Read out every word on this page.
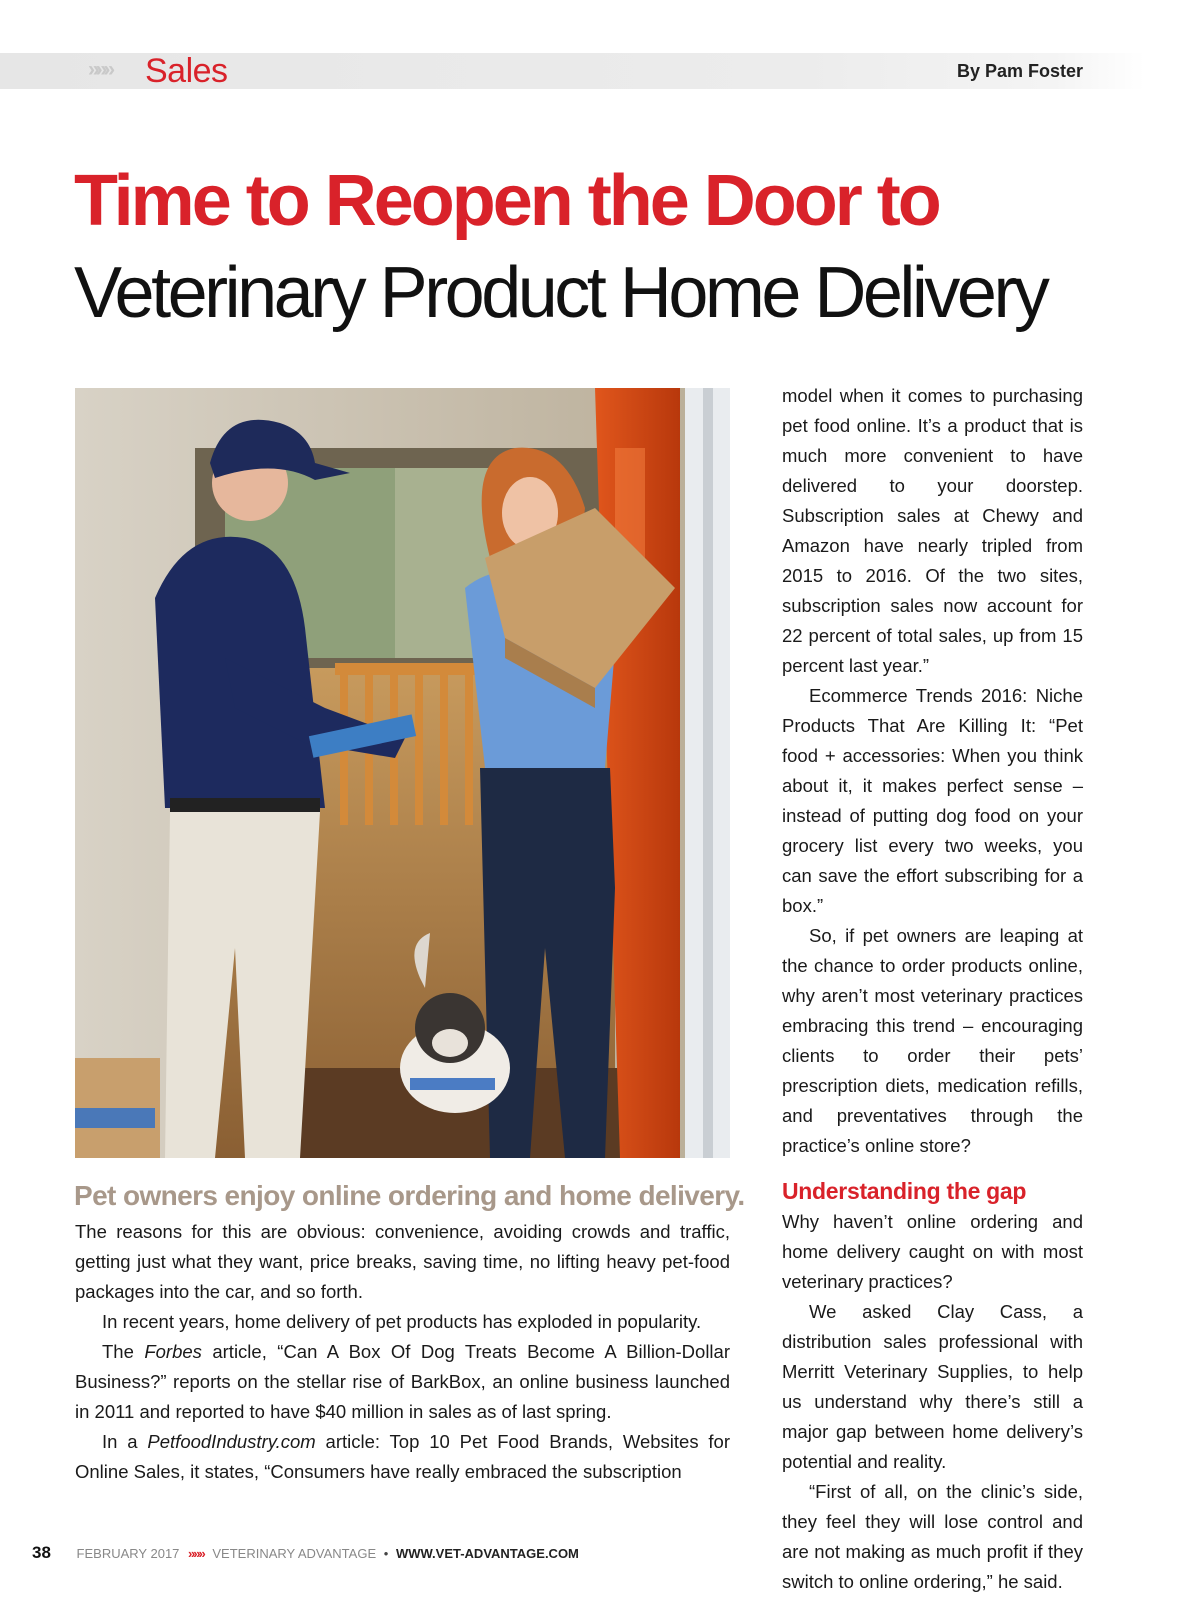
»»» Sales	By Pam Foster
Time to Reopen the Door to
Veterinary Product Home Delivery
Pet owners enjoy online ordering and home delivery.

The reasons for this are obvious: convenience, avoiding crowds and traffic, getting just what they want, price breaks, saving time, no lifting heavy pet-food packages into the car, and so forth.

In recent years, home delivery of pet products has exploded in popularity.

The Forbes article, “Can A Box Of Dog Treats Become A Billion-Dollar Business?” reports on the stellar rise of BarkBox, an online business launched in 2011 and reported to have $40 million in sales as of last spring.

In a PetfoodIndustry.com article: Top 10 Pet Food Brands, Websites for Online Sales, it states, “Consumers have really embraced the subscription

model when it comes to purchasing pet food online. It’s a product that is much more convenient to have delivered to your doorstep. Subscription sales at Chewy and Amazon have nearly tripled from 2015 to 2016. Of the two sites, subscription sales now account for 22 percent of total sales, up from 15 percent last year.”

Ecommerce Trends 2016: Niche Products That Are Killing It: “Pet food + accessories: When you think about it, it makes perfect sense – instead of putting dog food on your grocery list every two weeks, you can save the effort subscribing for a box.”

So, if pet owners are leaping at the chance to order products online, why aren’t most veterinary practices embracing this trend – encouraging clients to order their pets’ prescription diets, medication refills, and preventatives through the practice’s online store?

Understanding the gap

Why haven’t online ordering and home delivery caught on with most veterinary practices?

We asked Clay Cass, a distribution sales professional with Merritt Veterinary Supplies, to help us understand why there’s still a major gap between home delivery’s potential and reality.

“First of all, on the clinic’s side, they feel they will lose control and are not making as much profit if they switch to online ordering,” he said.

38 FEBRUARY 2017 »»» VETERINARY ADVANTAGE • WWW.VET-ADVANTAGE.COM
